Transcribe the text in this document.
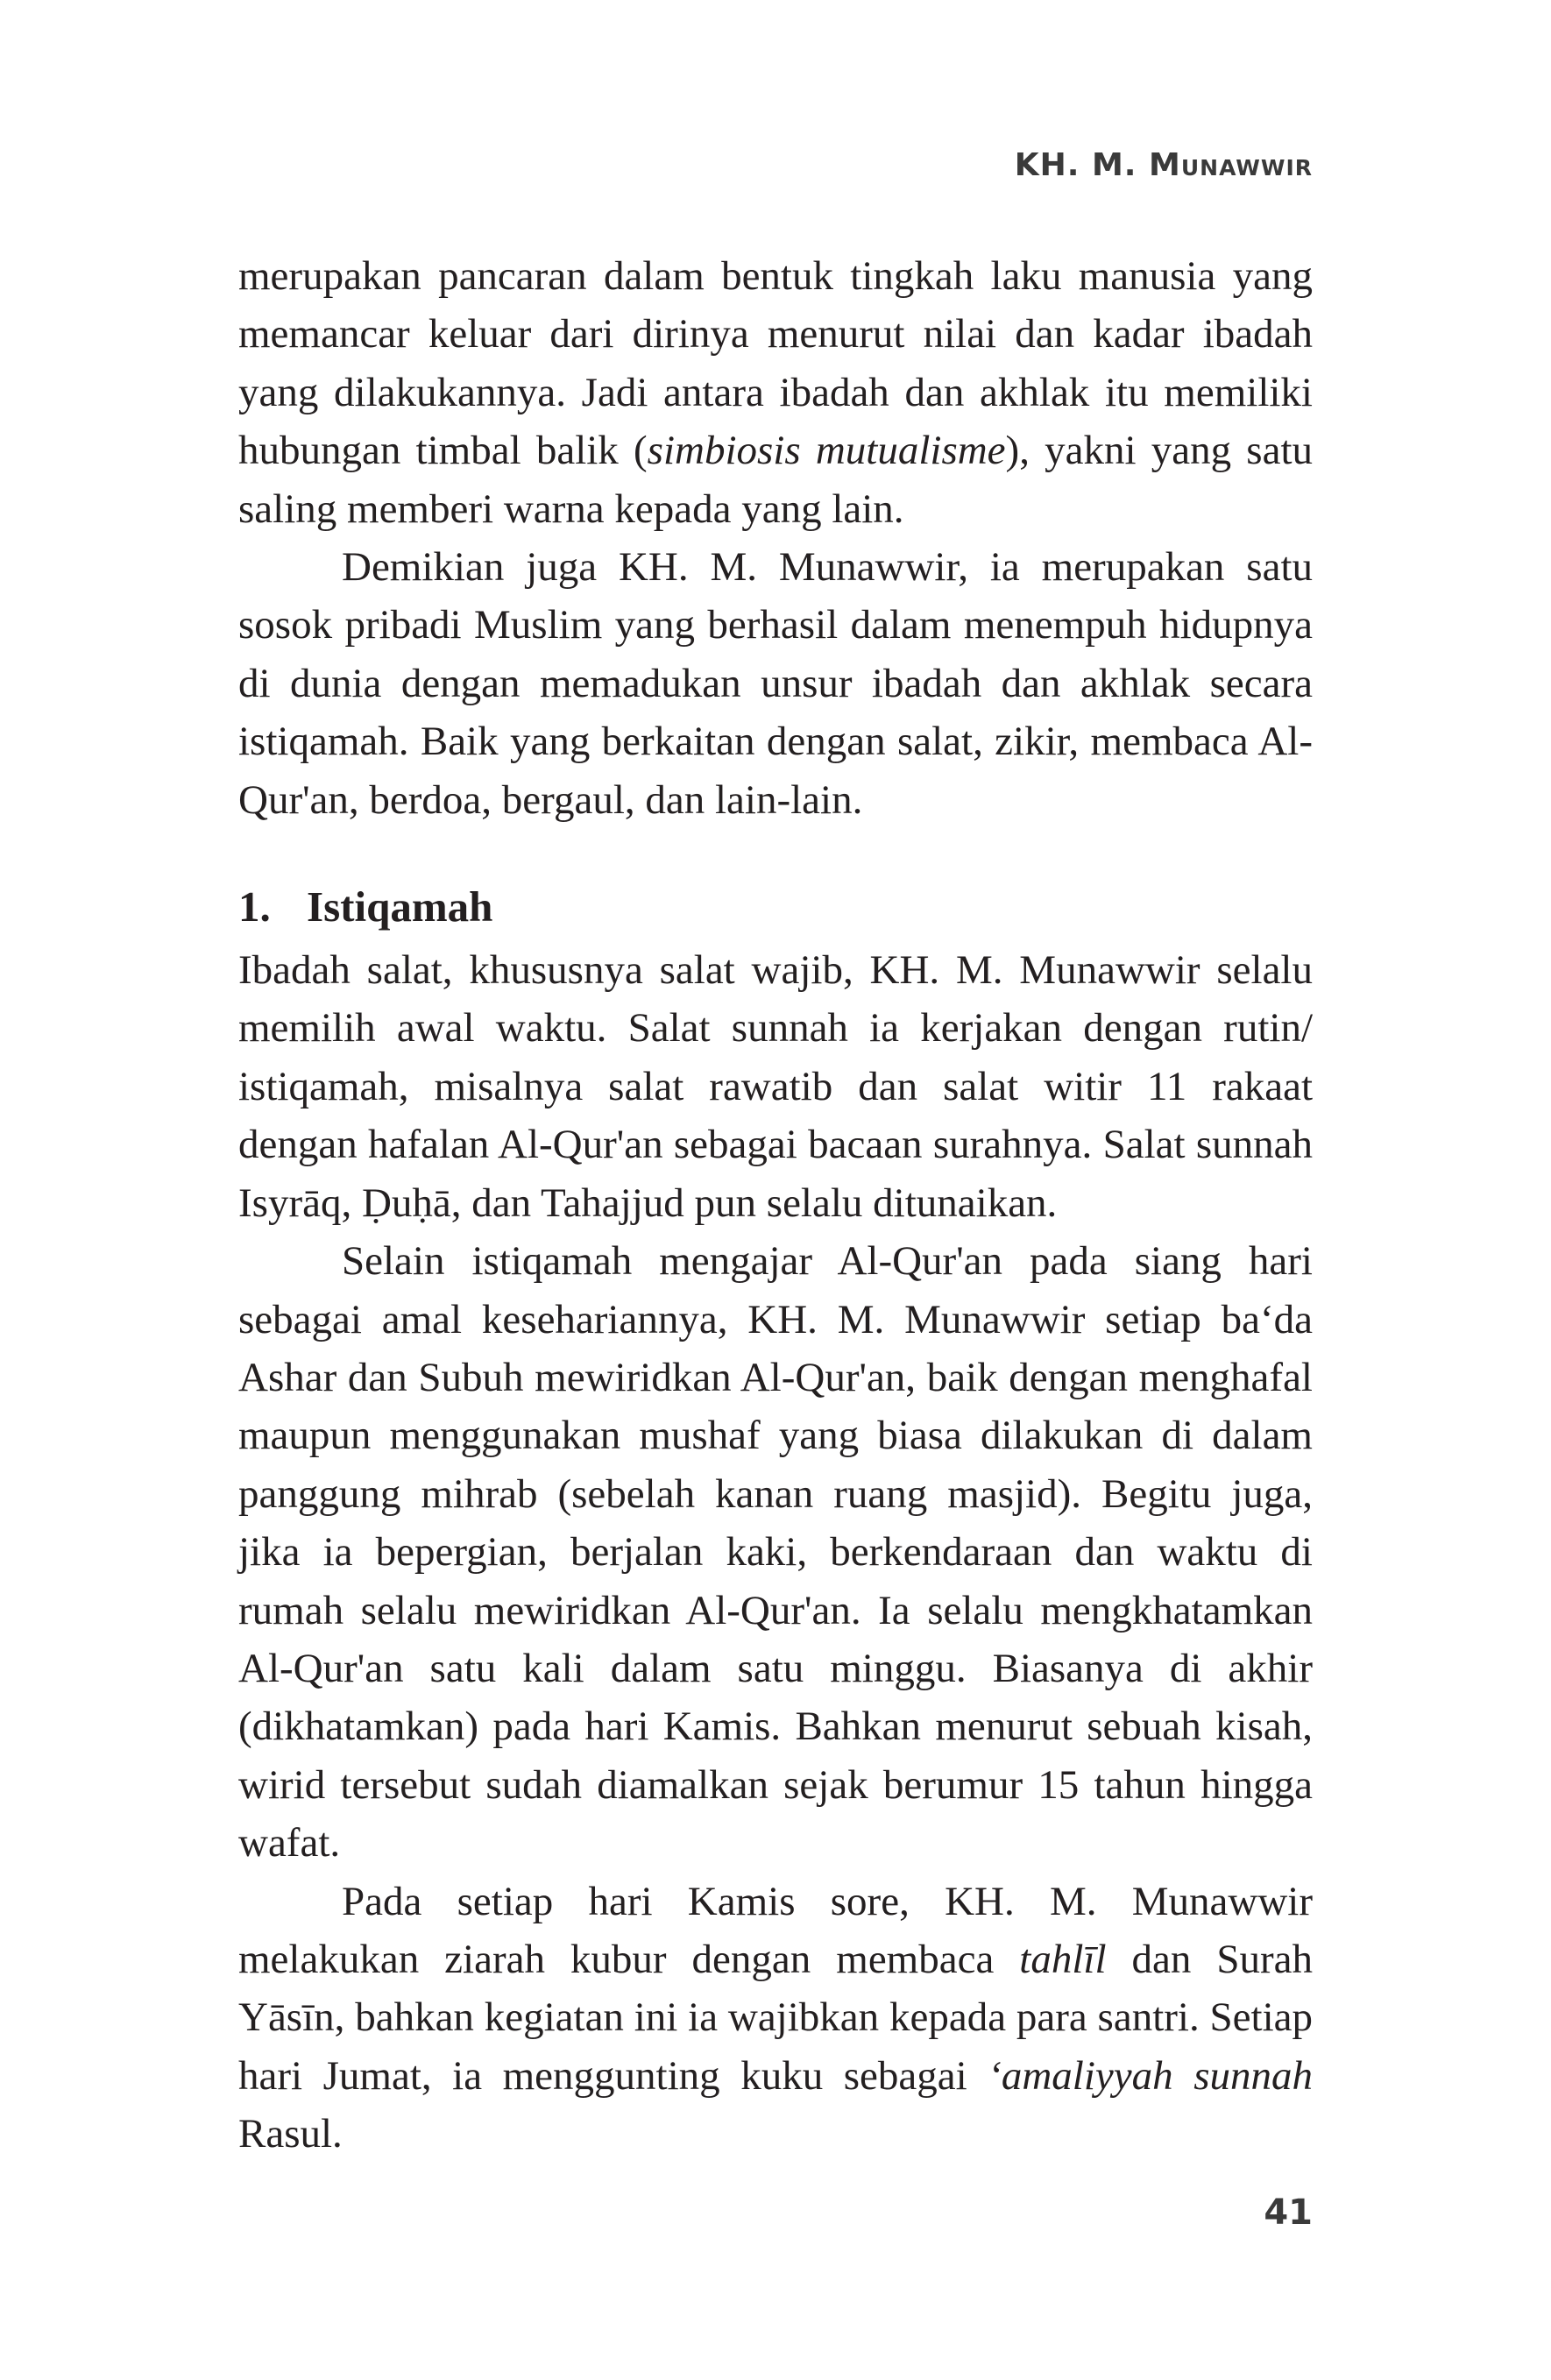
KH. M. Munawwir

merupakan pancaran dalam bentuk tingkah laku manusia yang memancar keluar dari dirinya menurut nilai dan kadar ibadah yang dilakukannya. Jadi antara ibadah dan akhlak itu memiliki hubungan timbal balik (simbiosis mutualisme), yakni yang satu saling memberi warna kepada yang lain.

Demikian juga KH. M. Munawwir, ia merupakan satu sosok pribadi Muslim yang berhasil dalam menempuh hidupnya di dunia dengan memadukan unsur ibadah dan akhlak secara istiqamah. Baik yang berkaitan dengan salat, zikir, membaca Al-Qur'an, berdoa, bergaul, dan lain-lain.

1. Istiqamah

Ibadah salat, khususnya salat wajib, KH. M. Munawwir selalu memilih awal waktu. Salat sunnah ia kerjakan dengan rutin/ istiqamah, misalnya salat rawatib dan salat witir 11 rakaat dengan hafalan Al-Qur'an sebagai bacaan surahnya. Salat sunnah Isyrāq, Ḍuḥā, dan Tahajjud pun selalu ditunaikan.

Selain istiqamah mengajar Al-Qur'an pada siang hari sebagai amal kesehariannya, KH. M. Munawwir setiap ba‘da Ashar dan Subuh mewiridkan Al-Qur'an, baik dengan menghafal maupun menggunakan mushaf yang biasa dilakukan di dalam panggung mihrab (sebelah kanan ruang masjid). Begitu juga, jika ia bepergian, berjalan kaki, berkendaraan dan waktu di rumah selalu mewiridkan Al-Qur'an. Ia selalu mengkhatamkan Al-Qur'an satu kali dalam satu minggu. Biasanya di akhir (dikhatamkan) pada hari Kamis. Bahkan menurut sebuah kisah, wirid tersebut sudah diamalkan sejak berumur 15 tahun hingga wafat.

Pada setiap hari Kamis sore, KH. M. Munawwir melakukan ziarah kubur dengan membaca tahlīl dan Surah Yāsīn, bahkan kegiatan ini ia wajibkan kepada para santri. Setiap hari Jumat, ia menggunting kuku sebagai ‘amaliyyah sunnah Rasul.

41
